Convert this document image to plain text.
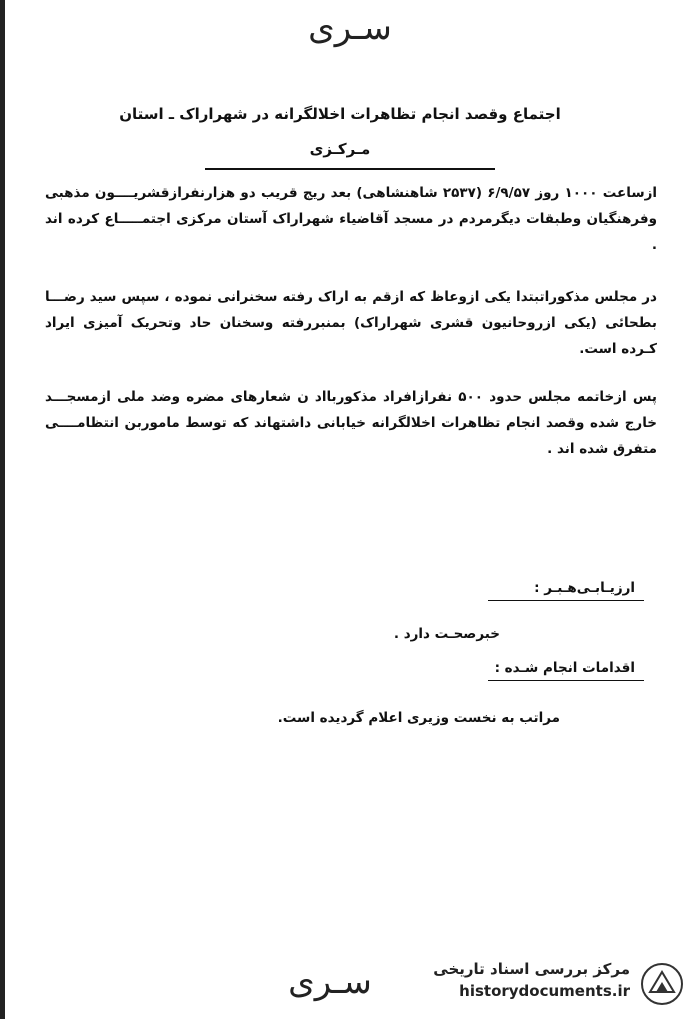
سـری
اجتماع وقصد انجام تظاهرات اخلالگرانه در شهراراک ـ استان
مـرکـزی
ازساعت ۱۰۰۰ روز ۶/۹/۵۷ (۲۵۳۷ شاهنشاهی) بعد ریج قریب دو هزارنفرازقشریــــون مذهبی وفرهنگیان وطبقات دیگرمردم در مسجد آقاضیاء شهراراک آستان مرکزی اجتمـــــاع کرده اند .
در مجلس مذکوراتبتدا یکی ازوعاظ که ازقم به اراک رفته سخنرانی نموده ، سپس سید رضـــا بطحائی (یکی ازروحانیون قشری شهراراک) بمنبررفته وسخنان حاد وتحریک آمیزی ایراد کـرده است.
پس ازخاتمه مجلس حدود ۵۰۰ نفرازافراد مذکوربااد ن شعارهای مضره وضد ملی ازمسجـــد خارج شده وقصد انجام تظاهرات اخلالگرانه خیابانی داشتهاند که توسط ماموربن انتظامــــی متفرق شده اند .
ارزیـابـی‌هـبـر :
خبرصحـت دارد .
اقدامات انجام شـده :
مراتب به نخست وزیری اعلام گردیده است.
سـری	مرکز بررسی اسناد تاریخی
historydocuments.ir
